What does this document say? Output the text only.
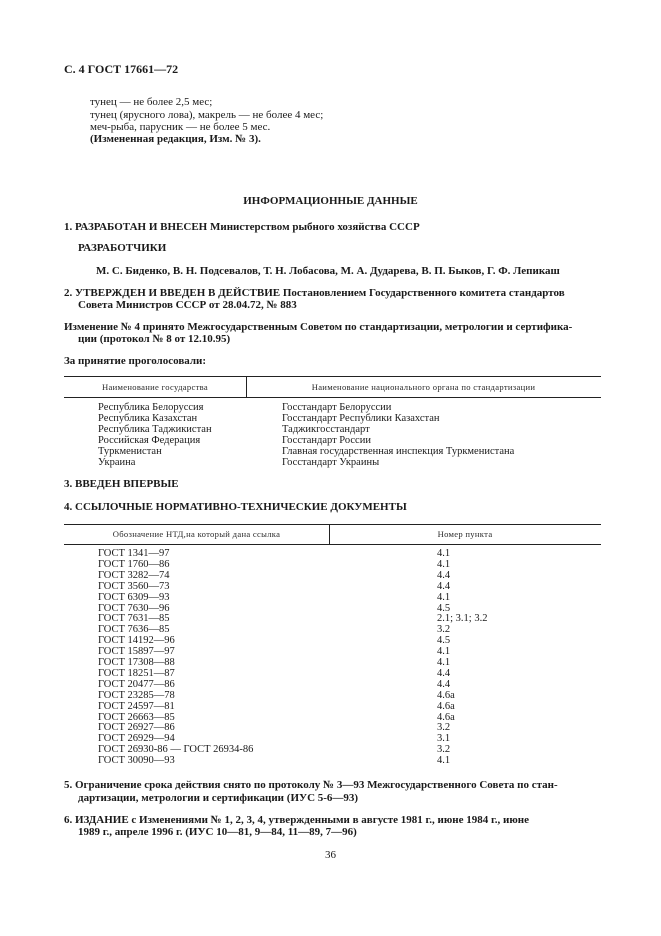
С. 4 ГОСТ 17661—72
тунец — не более 2,5 мес;
тунец (ярусного лова), макрель — не более 4 мес;
меч-рыба, парусник — не более 5 мес.
(Измененная редакция, Изм. № 3).
ИНФОРМАЦИОННЫЕ ДАННЫЕ
1. РАЗРАБОТАН И ВНЕСЕН Министерством рыбного хозяйства СССР
РАЗРАБОТЧИКИ
М. С. Биденко, В. Н. Подсевалов, Т. Н. Лобасова, М. А. Дударева, В. П. Быков, Г. Ф. Лепикаш
2. УТВЕРЖДЕН И ВВЕДЕН В ДЕЙСТВИЕ Постановлением Государственного комитета стандартов
Совета Министров СССР от 28.04.72, № 883
Изменение № 4 принято Межгосударственным Советом по стандартизации, метрологии и сертифика-
ции (протокол № 8 от 12.10.95)
За принятие проголосовали:
Наименование государства	Наименование национального органа по стандартизации
Республика Белоруссия	Госстандарт Белоруссии
Республика Казахстан	Госстандарт Республики Казахстан
Республика Таджикистан	Таджикгосстандарт
Российская Федерация	Госстандарт России
Туркменистан	Главная государственная инспекция Туркменистана
Украина	Госстандарт Украины
3. ВВЕДЕН ВПЕРВЫЕ
4. ССЫЛОЧНЫЕ НОРМАТИВНО-ТЕХНИЧЕСКИЕ ДОКУМЕНТЫ
Обозначение НТД,на который дана ссылка	Номер пункта
ГОСТ 1341—97	4.1
ГОСТ 1760—86	4.1
ГОСТ 3282—74	4.4
ГОСТ 3560—73	4.4
ГОСТ 6309—93	4.1
ГОСТ 7630—96	4.5
ГОСТ 7631—85	2.1; 3.1; 3.2
ГОСТ 7636—85	3.2
ГОСТ 14192—96	4.5
ГОСТ 15897—97	4.1
ГОСТ 17308—88	4.1
ГОСТ 18251—87	4.4
ГОСТ 20477—86	4.4
ГОСТ 23285—78	4.6а
ГОСТ 24597—81	4.6а
ГОСТ 26663—85	4.6а
ГОСТ 26927—86	3.2
ГОСТ 26929—94	3.1
ГОСТ 26930-86 — ГОСТ 26934-86	3.2
ГОСТ 30090—93	4.1
5. Ограничение срока действия снято по протоколу № 3—93 Межгосударственного Совета по стан-
дартизации, метрологии и сертификации (ИУС 5-6—93)
6. ИЗДАНИЕ с Изменениями № 1, 2, 3, 4, утвержденными в августе 1981 г., июне 1984 г., июне
1989 г., апреле 1996 г. (ИУС 10—81, 9—84, 11—89, 7—96)
36
